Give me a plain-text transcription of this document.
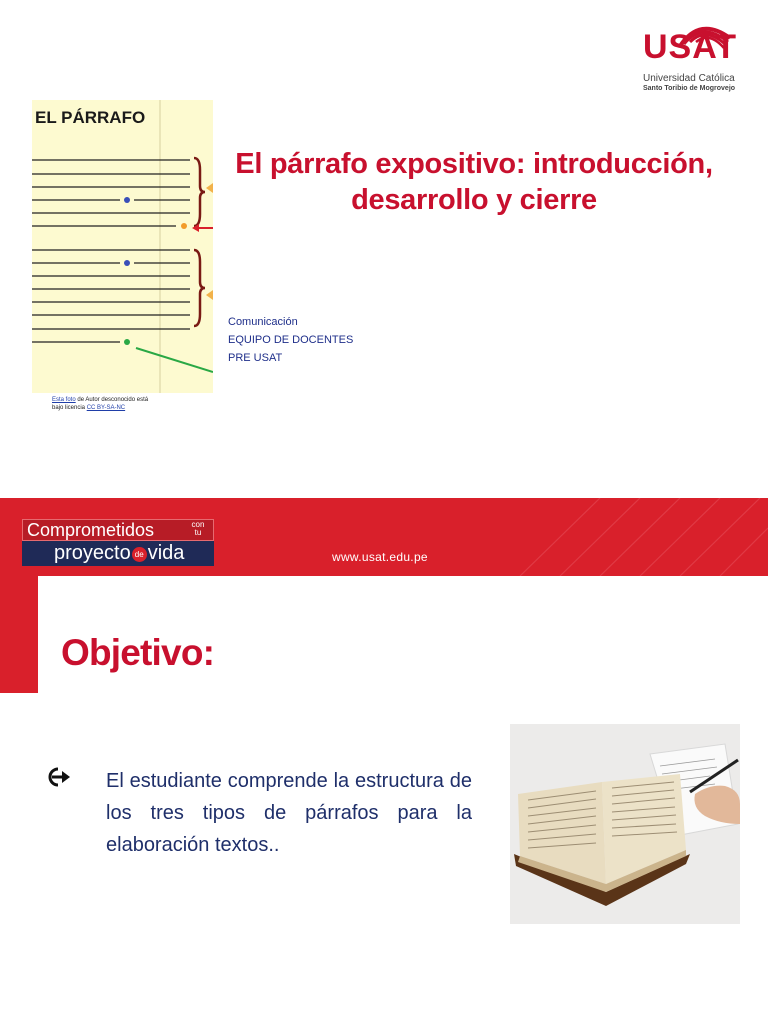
USAT
Universidad Católica
Santo Toribio de Mogrovejo
EL PÁRRAFO
Esta foto de Autor desconocido está
bajo licencia CC BY-SA-NC
El párrafo expositivo: introducción,
desarrollo y cierre
Comunicación
EQUIPO DE DOCENTES
PRE USAT
Comprometidos	con
tu
proyecto de vida	www.usat.edu.pe
Objetivo:
El estudiante comprende la estructura de los tres tipos de párrafos para la elaboración textos..
